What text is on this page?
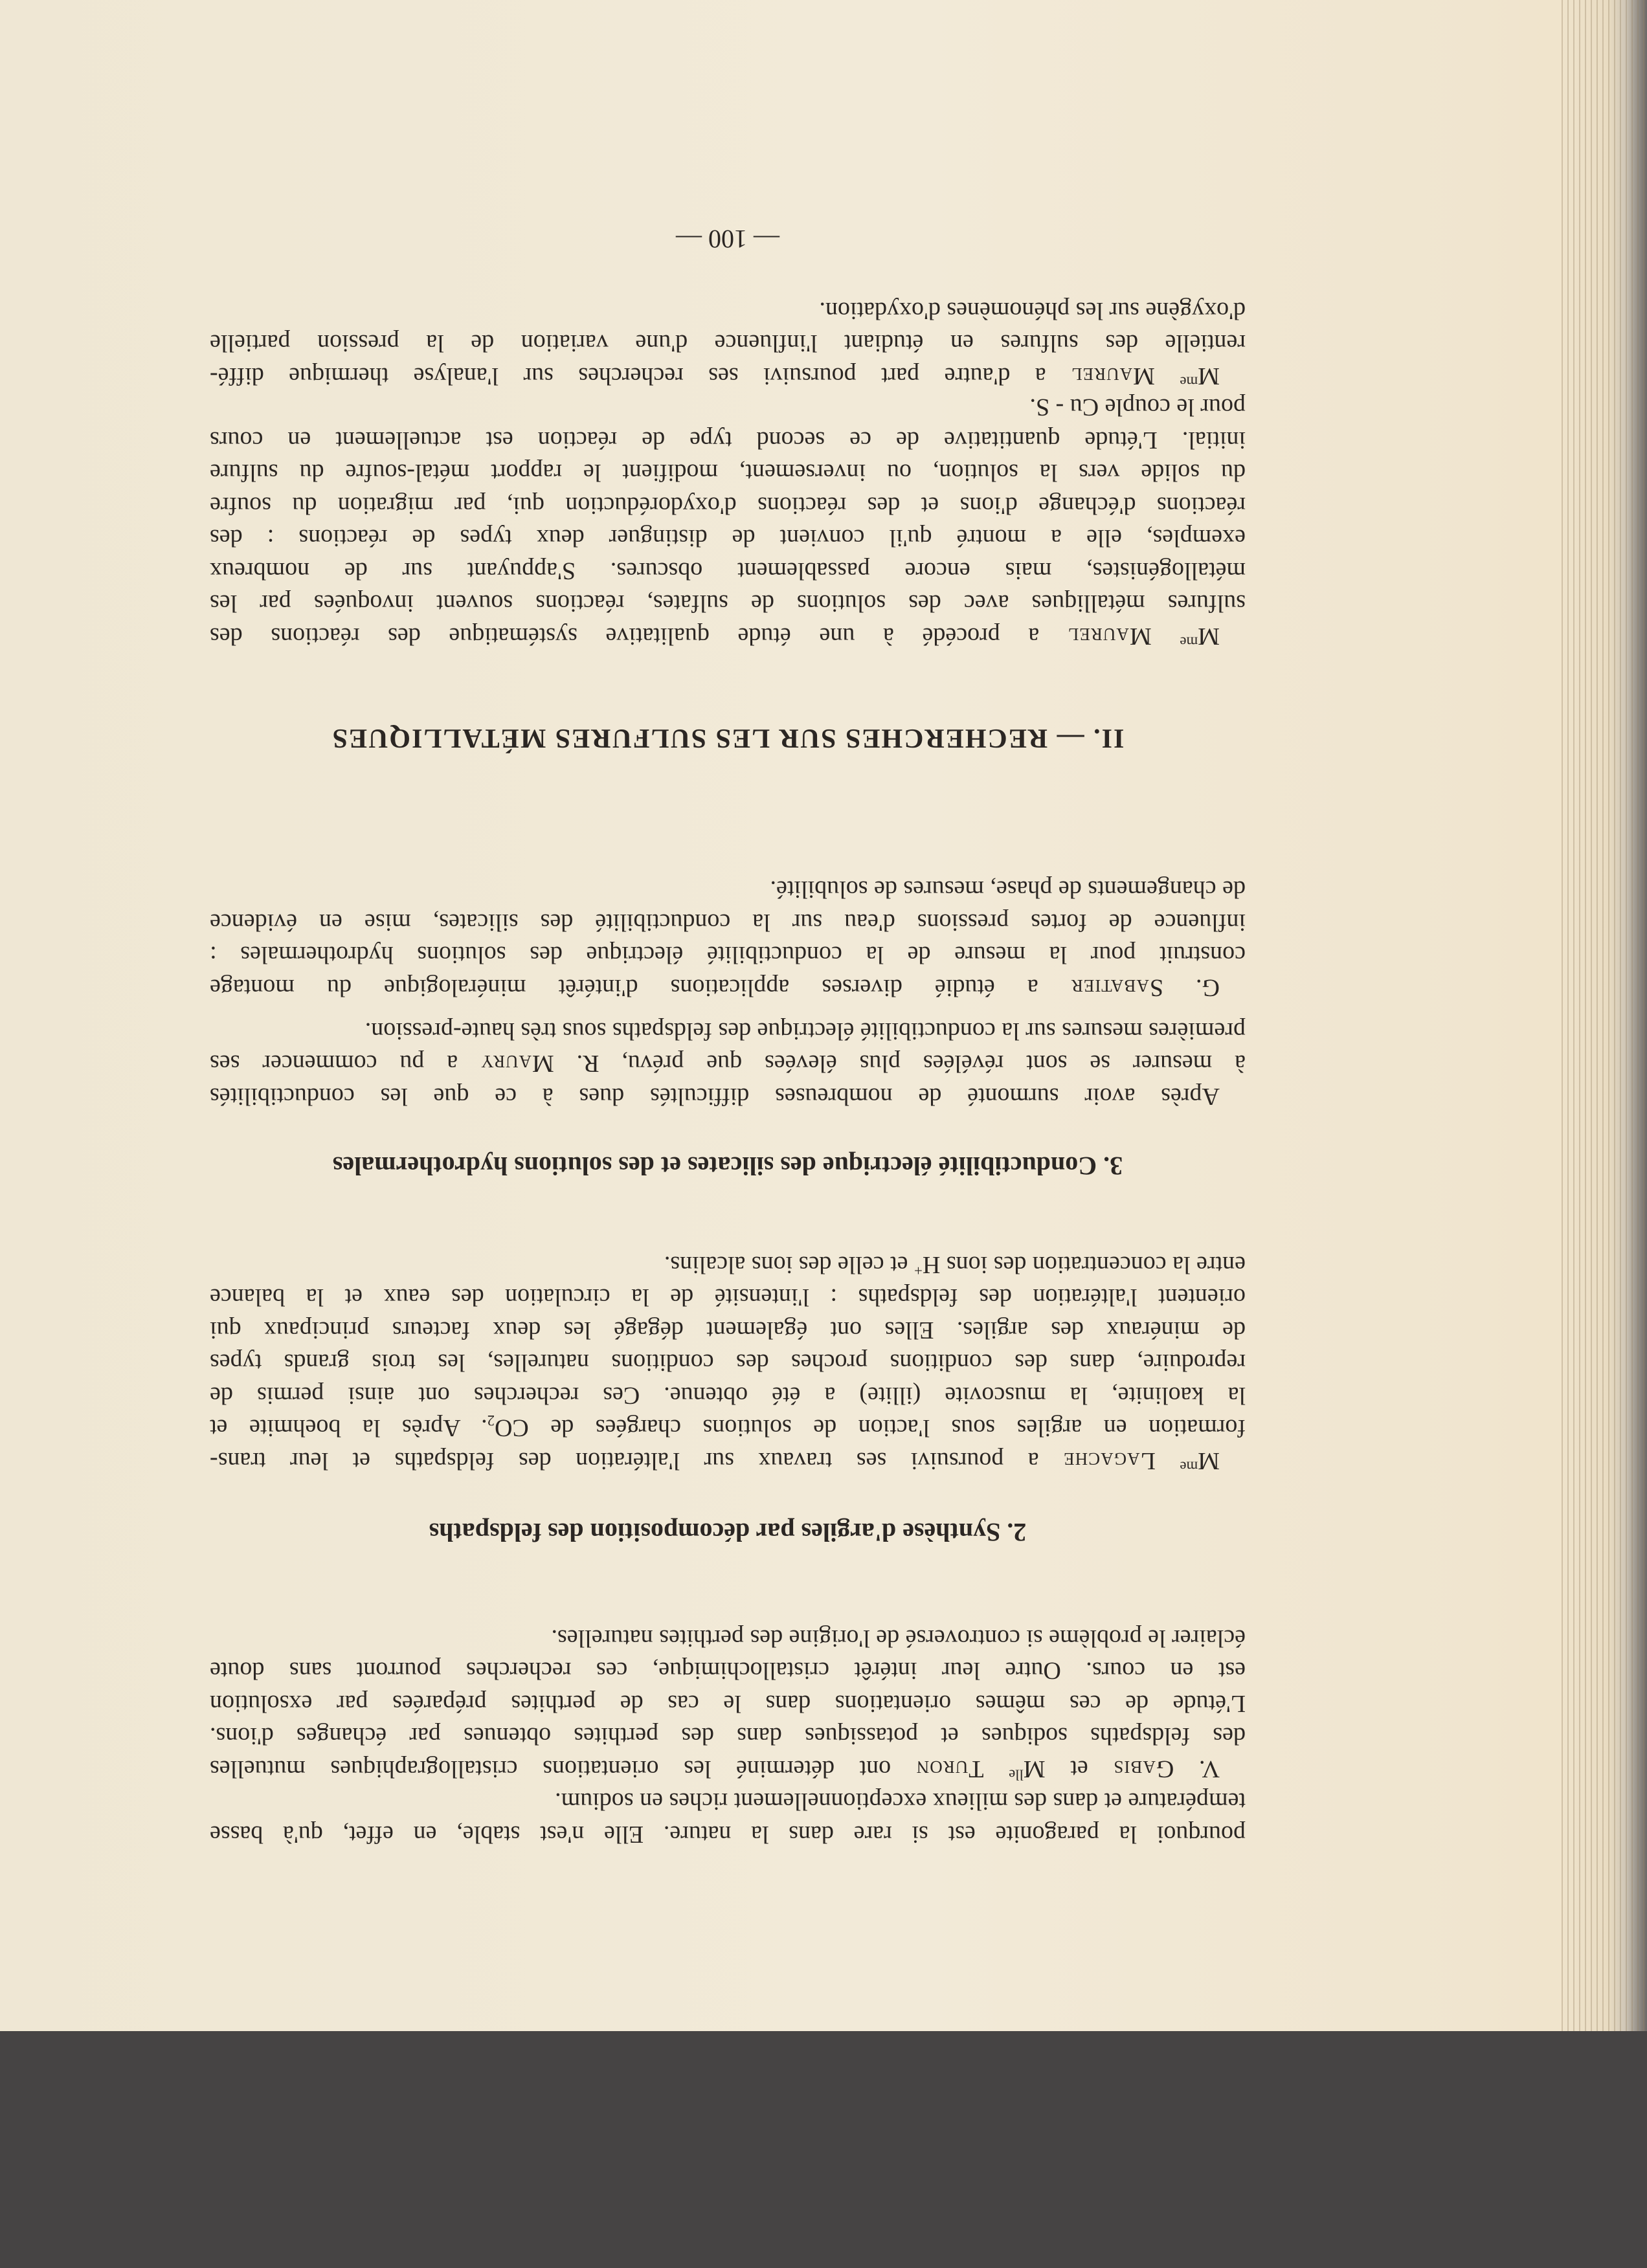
pourquoi la paragonite est si rare dans la nature. Elle n'est stable, en effet, qu'à basse
température et dans des milieux exceptionnellement riches en sodium.
V. Gabis et $M^{lle}$ Turon ont déterminé les orientations cristallographiques mutuelles
des feldspaths sodiques et potassiques dans des perthites obtenues par échanges d'ions.
L'étude de ces mêmes orientations dans le cas de perthites préparées par exsolution
est en cours. Outre leur intérêt cristallochimique, ces recherches pourront sans doute
éclairer le problème si controversé de l'origine des perthites naturelles.
2. Synthèse d'argiles par décomposition des feldspaths
$M^{me}$ Lagache a poursuivi ses travaux sur l'altération des feldspaths et leur trans-
formation en argiles sous l'action de solutions chargées de $CO_2$. Après la boehmite et
la kaolinite, la muscovite (illite) a été obtenue. Ces recherches ont ainsi permis de
reproduire, dans des conditions proches des conditions naturelles, les trois grands types
de minéraux des argiles. Elles ont également dégagé les deux facteurs principaux qui
orientent l'altération des feldspaths : l'intensité de la circulation des eaux et la balance
entre la concentration des ions H+ et celle des ions alcalins.
3. Conductibilité électrique des silicates et des solutions hydrothermales
Après avoir surmonté de nombreuses difficultés dues à ce que les conductibilités
à mesurer se sont révélées plus élevées que prévu, R. Maury a pu commencer ses
premières mesures sur la conductibilité électrique des feldspaths sous très haute-pression.
G. Sabatier a étudié diverses applications d'intérêt minéralogique du montage
construit pour la mesure de la conductibilité électrique des solutions hydrothermales :
influence de fortes pressions d'eau sur la conductibilité des silicates, mise en évidence
de changements de phase, mesures de solubilité.
II. — RECHERCHES SUR LES SULFURES MÉTALLIQUES
$M^{me}$ Maurel a procédé à une étude qualitative systématique des réactions des
sulfures métalliques avec des solutions de sulfates, réactions souvent invoquées par les
métallogénistes, mais encore passablement obscures. S'appuyant sur de nombreux
exemples, elle a montré qu'il convient de distinguer deux types de réactions : des
réactions d'échange d'ions et des réactions d'oxydoréduction qui, par migration du soufre
du solide vers la solution, ou inversement, modifient le rapport métal-soufre du sulfure
initial. L'étude quantitative de ce second type de réaction est actuellement en cours
pour le couple Cu - S.
$M^{me}$ Maurel a d'autre part poursuivi ses recherches sur l'analyse thermique diffé-
rentielle des sulfures en étudiant l'influence d'une variation de la pression partielle
d'oxygène sur les phénomènes d'oxydation.
— 100 —
